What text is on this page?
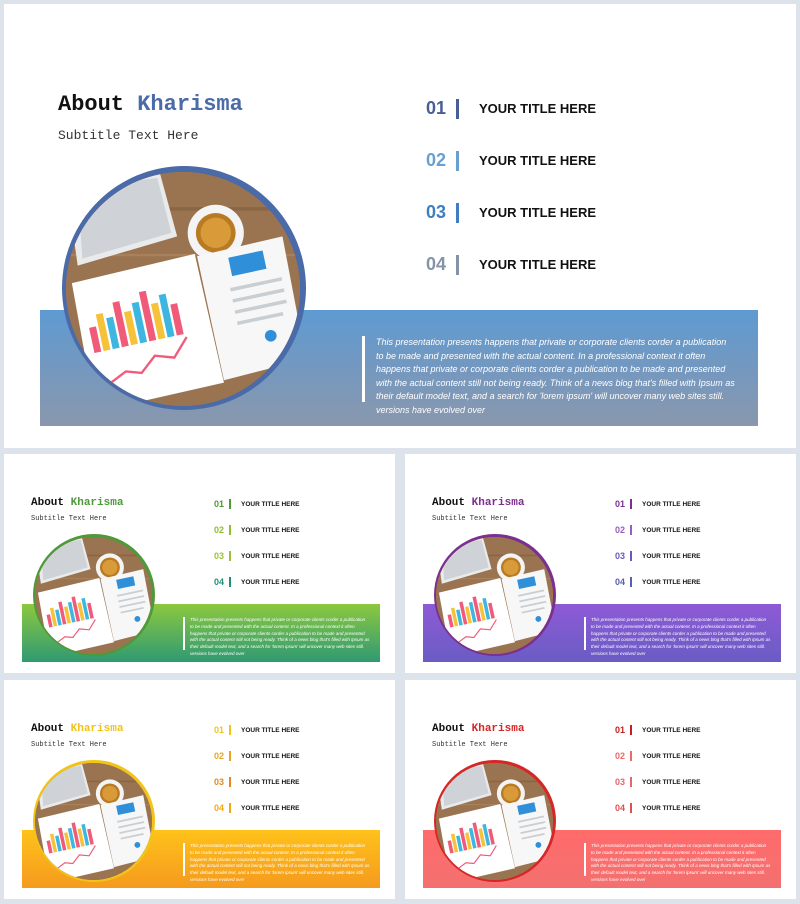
This presentation presents happens that private or corporate clients corder a publication to be made and presented with the actual content. In a professional context it often happens that private or corporate clients corder a publication to be made and presented with the actual content still not being ready. Think of a news blog that's filled with Ipsum as their default model text, and a search for 'lorem ipsum' will uncover many web sites still. versions have evolved over
About Kharisma
Subtitle Text Here
01	YOUR TITLE HERE
02	YOUR TITLE HERE
03	YOUR TITLE HERE
04	YOUR TITLE HERE
This presentation presents happens that private or corporate clients corder a publication to be made and presented with the actual content. In a professional context it often happens that private or corporate clients corder a publication to be made and presented with the actual content still not being ready. Think of a news blog that's filled with Ipsum as their default model text, and a search for 'lorem ipsum' will uncover many web sites still. versions have evolved over
About Kharisma
Subtitle Text Here
01	YOUR TITLE HERE
02	YOUR TITLE HERE
03	YOUR TITLE HERE
04	YOUR TITLE HERE
This presentation presents happens that private or corporate clients corder a publication to be made and presented with the actual content. In a professional context it often happens that private or corporate clients corder a publication to be made and presented with the actual content still not being ready. Think of a news blog that's filled with Ipsum as their default model text, and a search for 'lorem ipsum' will uncover many web sites still. versions have evolved over
About Kharisma
Subtitle Text Here
01	YOUR TITLE HERE
02	YOUR TITLE HERE
03	YOUR TITLE HERE
04	YOUR TITLE HERE
This presentation presents happens that private or corporate clients corder a publication to be made and presented with the actual content. In a professional context it often happens that private or corporate clients corder a publication to be made and presented with the actual content still not being ready. Think of a news blog that's filled with Ipsum as their default model text, and a search for 'lorem ipsum' will uncover many web sites still. versions have evolved over
About Kharisma
Subtitle Text Here
01	YOUR TITLE HERE
02	YOUR TITLE HERE
03	YOUR TITLE HERE
04	YOUR TITLE HERE
This presentation presents happens that private or corporate clients corder a publication to be made and presented with the actual content. In a professional context it often happens that private or corporate clients corder a publication to be made and presented with the actual content still not being ready. Think of a news blog that's filled with Ipsum as their default model text, and a search for 'lorem ipsum' will uncover many web sites still. versions have evolved over
About Kharisma
Subtitle Text Here
01	YOUR TITLE HERE
02	YOUR TITLE HERE
03	YOUR TITLE HERE
04	YOUR TITLE HERE
